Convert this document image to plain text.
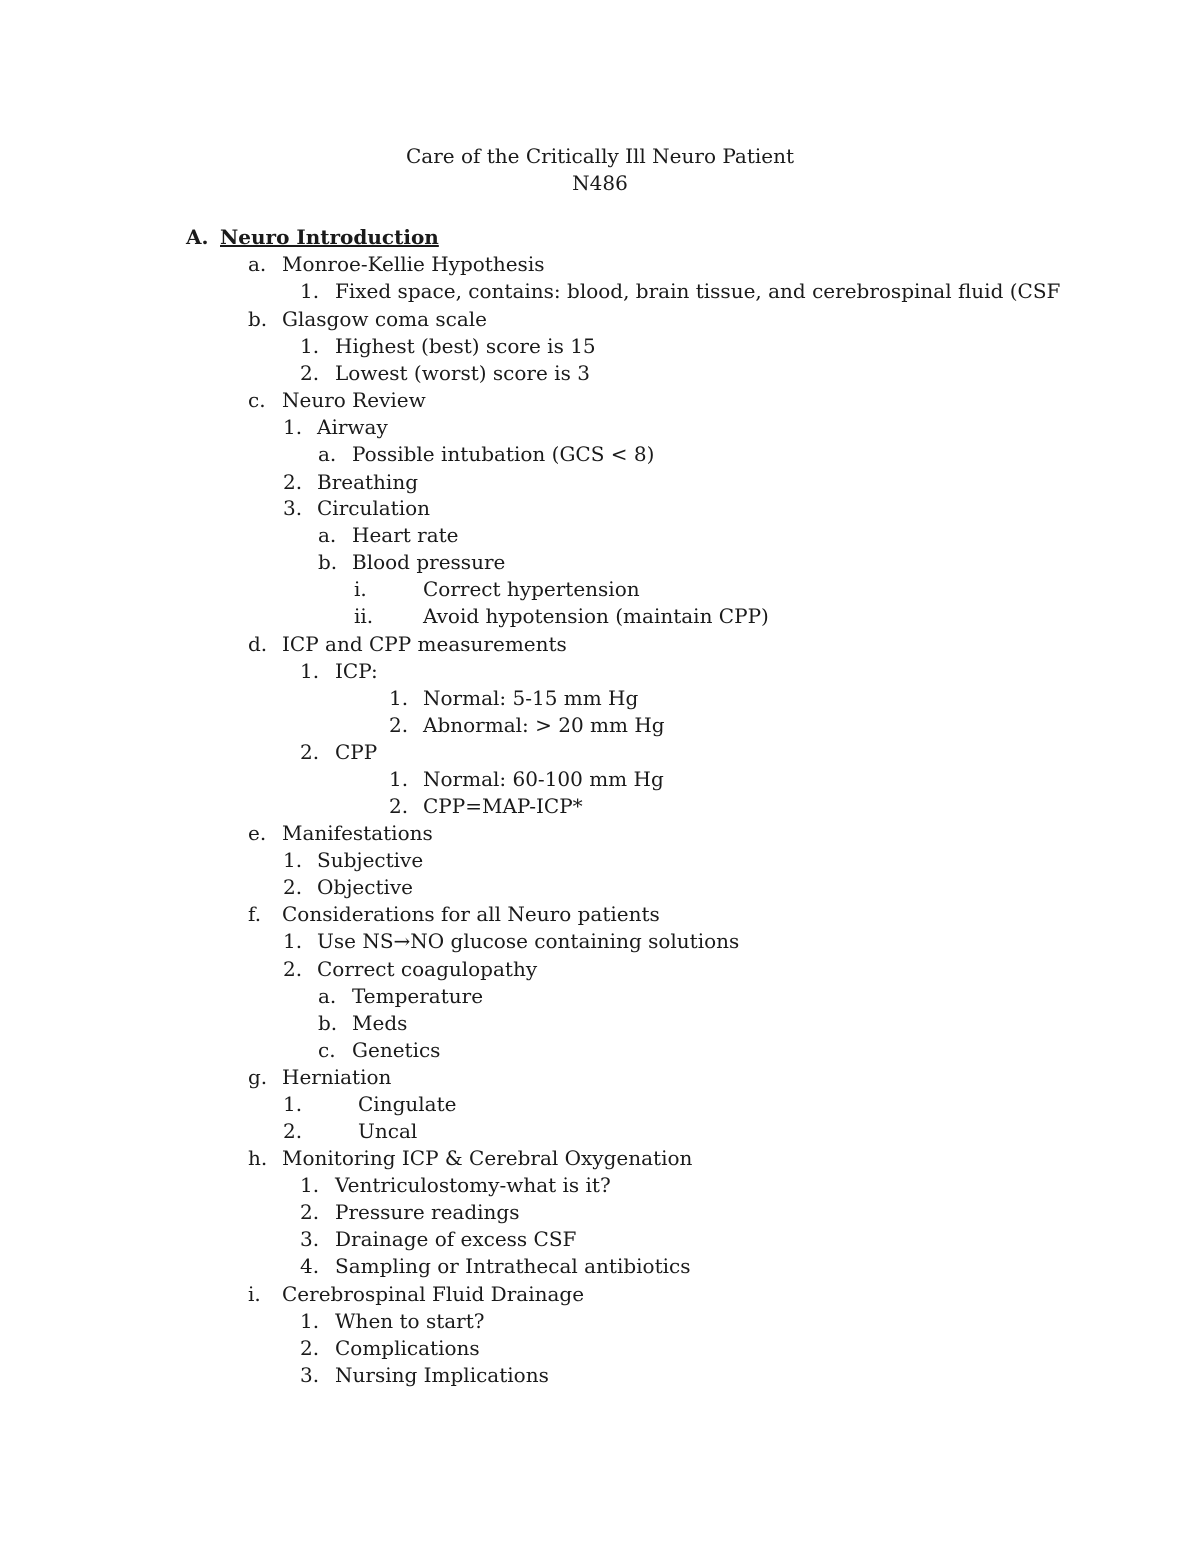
Care of the Critically Ill Neuro Patient
N486
A. Neuro Introduction
a. Monroe-Kellie Hypothesis
1. Fixed space, contains: blood, brain tissue, and cerebrospinal fluid (CSF
b. Glasgow coma scale
1. Highest (best) score is 15
2. Lowest (worst) score is 3
c. Neuro Review
1. Airway
a. Possible intubation (GCS < 8)
2. Breathing
3. Circulation
a. Heart rate
b. Blood pressure
i.	Correct hypertension
ii. Avoid hypotension (maintain CPP)
d. ICP and CPP measurements
1. ICP:
1. Normal: 5-15 mm Hg
2. Abnormal: > 20 mm Hg
2. CPP
1. Normal: 60-100 mm Hg
2. CPP=MAP-ICP*
e. Manifestations
1. Subjective
2. Objective
f. Considerations for all Neuro patients
1. Use NS→NO glucose containing solutions
2. Correct coagulopathy
a. Temperature
b. Meds
c. Genetics
g. Herniation
1.	Cingulate
2.	Uncal
h. Monitoring ICP & Cerebral Oxygenation
1. Ventriculostomy-what is it?
2. Pressure readings
3. Drainage of excess CSF
4. Sampling or Intrathecal antibiotics
i. Cerebrospinal Fluid Drainage
1. When to start?
2. Complications
3. Nursing Implications
